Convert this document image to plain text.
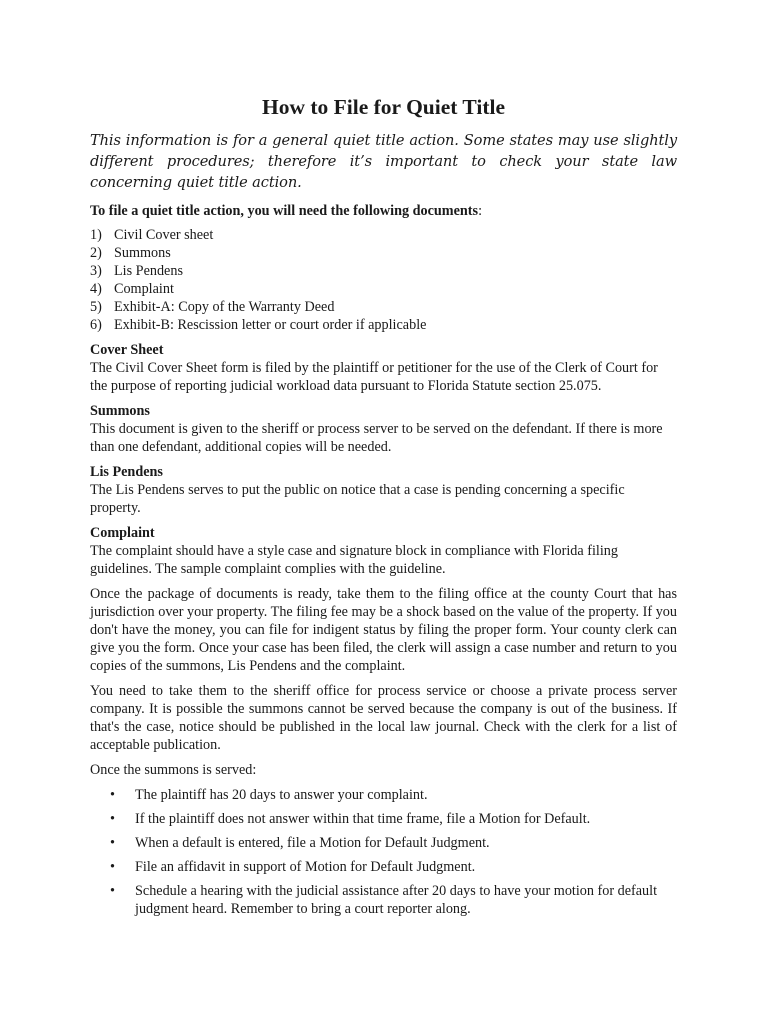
How to File for Quiet Title

This information is for a general quiet title action. Some states may use slightly different procedures; therefore it’s important to check your state law concerning quiet title action.

To file a quiet title action, you will need the following documents:

1) Civil Cover sheet
2) Summons
3) Lis Pendens
4) Complaint
5) Exhibit-A: Copy of the Warranty Deed
6) Exhibit-B: Rescission letter or court order if applicable

Cover Sheet

The Civil Cover Sheet form is filed by the plaintiff or petitioner for the use of the Clerk of Court for the purpose of reporting judicial workload data pursuant to Florida Statute section 25.075.

Summons

This document is given to the sheriff or process server to be served on the defendant. If there is more than one defendant, additional copies will be needed.

Lis Pendens

The Lis Pendens serves to put the public on notice that a case is pending concerning a specific property.

Complaint

The complaint should have a style case and signature block in compliance with Florida filing guidelines. The sample complaint complies with the guideline.

Once the package of documents is ready, take them to the filing office at the county Court that has jurisdiction over your property. The filing fee may be a shock based on the value of the property. If you don't have the money, you can file for indigent status by filing the proper form. Your county clerk can give you the form. Once your case has been filed, the clerk will assign a case number and return to you copies of the summons, Lis Pendens and the complaint.

You need to take them to the sheriff office for process service or choose a private process server company. It is possible the summons cannot be served because the company is out of the business. If that's the case, notice should be published in the local law journal. Check with the clerk for a list of acceptable publication.

Once the summons is served:

•
The plaintiff has 20 days to answer your complaint.
•
If the plaintiff does not answer within that time frame, file a Motion for Default.
•
When a default is entered, file a Motion for Default Judgment.
•
File an affidavit in support of Motion for Default Judgment.
•
Schedule a hearing with the judicial assistance after 20 days to have your motion for default judgment heard. Remember to bring a court reporter along.
